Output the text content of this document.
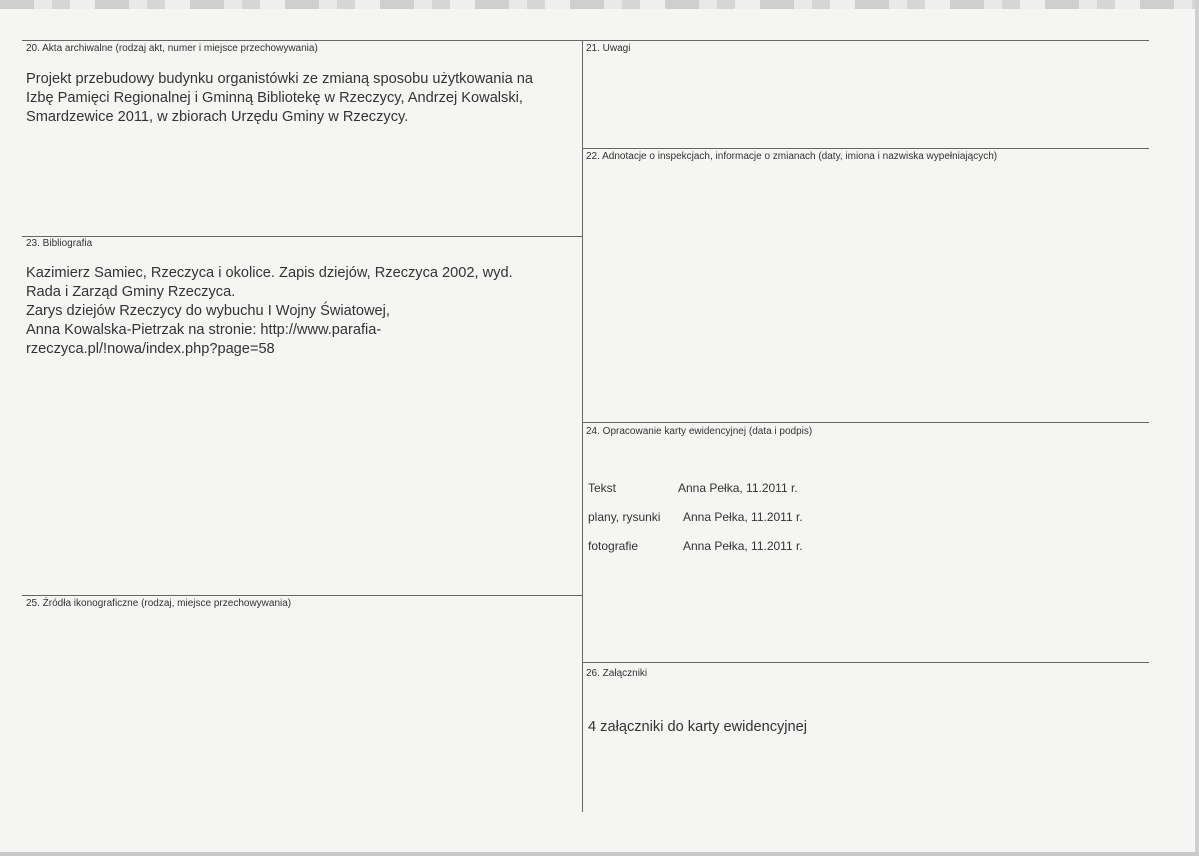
20. Akta archiwalne (rodzaj akt, numer i miejsce przechowywania)
Projekt przebudowy budynku organistówki ze zmianą sposobu użytkowania na
Izbę Pamięci Regionalnej i Gminną Bibliotekę w Rzeczycy, Andrzej Kowalski,
Smardzewice 2011, w zbiorach Urzędu Gminy w Rzeczycy.
21. Uwagi
22. Adnotacje o inspekcjach, informacje o zmianach (daty, imiona i nazwiska wypełniających)
23. Bibliografia
Kazimierz Samiec, Rzeczyca i okolice. Zapis dziejów, Rzeczyca 2002, wyd.
Rada i Zarząd Gminy Rzeczyca.
Zarys dziejów Rzeczycy do wybuchu I Wojny Światowej,
Anna Kowalska-Pietrzak na stronie: http://www.parafia-
rzeczyca.pl/!nowa/index.php?page=58
24. Opracowanie karty ewidencyjnej (data i podpis)
Tekst	Anna Pełka, 11.2011 r.
plany, rysunki Anna Pełka, 11.2011 r.
fotografie	Anna Pełka, 11.2011 r.
25. Źródła ikonograficzne (rodzaj, miejsce przechowywania)
26. Załączniki
4 załączniki do karty ewidencyjnej
